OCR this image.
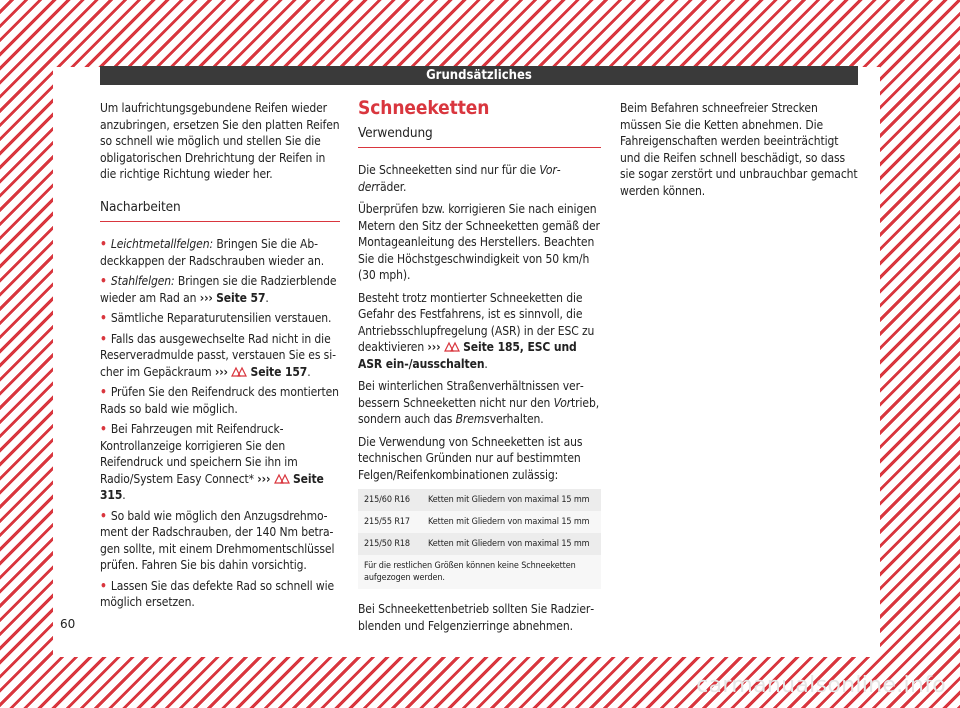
Grundsätzliches

Um laufrichtungsgebundene Reifen wieder anzubringen, ersetzen Sie den platten Reifen so schnell wie möglich und stellen Sie die obligatorischen Drehrichtung der Reifen in die richtige Richtung wieder her.

Nacharbeiten
• Leichtmetallfelgen: Bringen Sie die Abdeckkappen der Radschrauben wieder an.
• Stahlfelgen: Bringen sie die Radzierblende wieder am Rad an ››› Seite 57.
• Sämtliche Reparaturutensilien verstauen.
• Falls das ausgewechselte Rad nicht in die Reserveradmulde passt, verstauen Sie es sicher im Gepäckraum ››› Seite 157.
• Prüfen Sie den Reifendruck des montierten Rads so bald wie möglich.
• Bei Fahrzeugen mit Reifendruck-Kontrollanzeige korrigieren Sie den Reifendruck und speichern Sie ihn im Radio/System Easy Connect* ››› Seite 315.
• So bald wie möglich den Anzugsdrehmoment der Radschrauben, der 140 Nm betragen sollte, mit einem Drehmomentschlüssel prüfen. Fahren Sie bis dahin vorsichtig.
• Lassen Sie das defekte Rad so schnell wie möglich ersetzen.
Schneeketten
Verwendung

Die Schneeketten sind nur für die Vorderräder.

Überprüfen bzw. korrigieren Sie nach einigen Metern den Sitz der Schneeketten gemäß der Montageanleitung des Herstellers. Beachten Sie die Höchstgeschwindigkeit von 50 km/h (30 mph).

Besteht trotz montierter Schneeketten die Gefahr des Festfahrens, ist es sinnvoll, die Antriebsschlupfregelung (ASR) in der ESC zu deaktivieren ››› Seite 185, ESC und ASR ein-/ausschalten.

Bei winterlichen Straßenverhältnissen verbessern Schneeketten nicht nur den Vortrieb, sondern auch das Bremsverhalten.

Die Verwendung von Schneeketten ist aus technischen Gründen nur auf bestimmten Felgen/Reifenkombinationen zulässig:

215/60 R16	Ketten mit Gliedern von maximal 15 mm
215/55 R17	Ketten mit Gliedern von maximal 15 mm
215/50 R18	Ketten mit Gliedern von maximal 15 mm
Für die restlichen Größen können keine Schneeketten aufgezogen werden.	

Bei Schneekettenbetrieb sollten Sie Radzierblenden und Felgenzierringe abnehmen.

Beim Befahren schneefreier Strecken müssen Sie die Ketten abnehmen. Die Fahreigenschaften werden beeinträchtigt und die Reifen schnell beschädigt, so dass sie sogar zerstört und unbrauchbar gemacht werden können.

60
carmanualsonline.info
